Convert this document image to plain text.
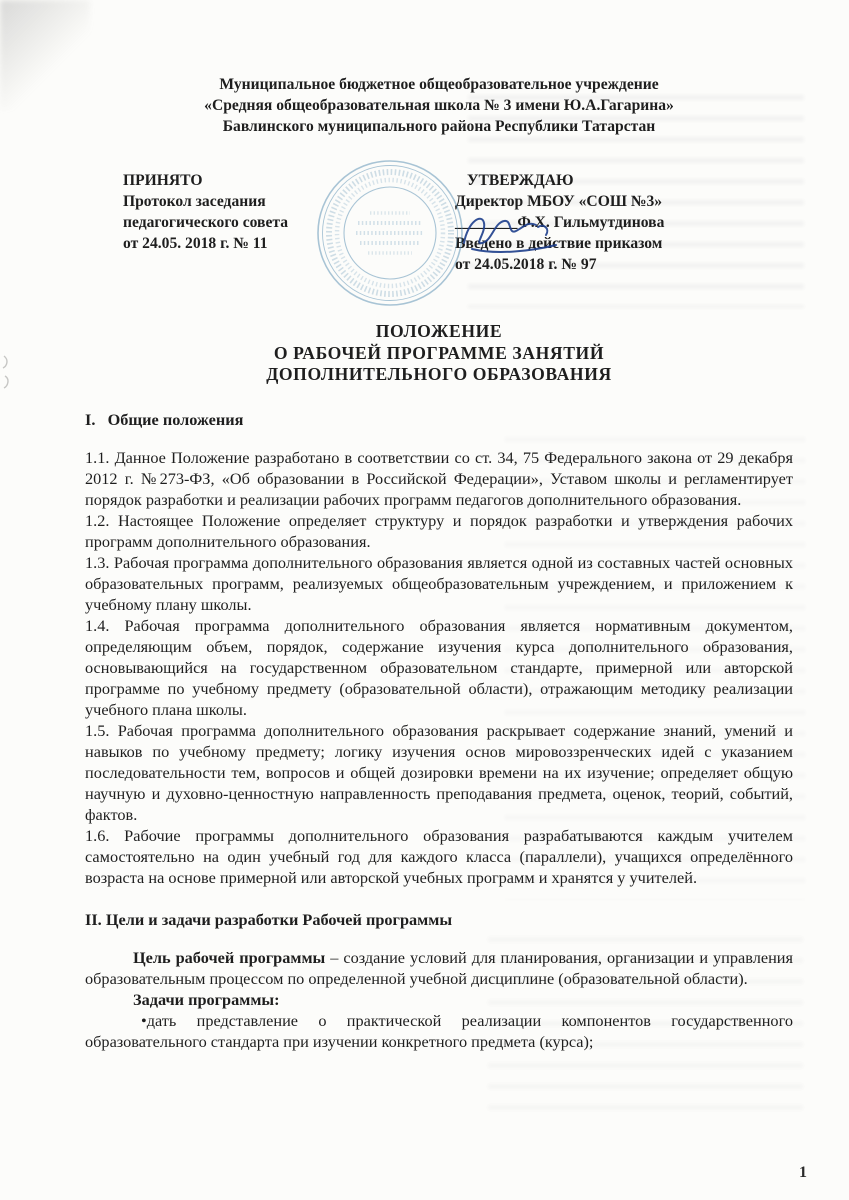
Муниципальное бюджетное общеобразовательное учреждение
«Средняя общеобразовательная школа № 3 имени Ю.А.Гагарина»
Бавлинского муниципального района Республики Татарстан
ПРИНЯТО
Протокол заседания
педагогического совета
от 24.05. 2018 г. № 11
УТВЕРЖДАЮ
Директор МБОУ «СОШ №3»
________Ф.Х. Гильмутдинова
Введено в действие приказом
от 24.05.2018 г. № 97
ПОЛОЖЕНИЕ
О РАБОЧЕЙ ПРОГРАММЕ ЗАНЯТИЙ
ДОПОЛНИТЕЛЬНОГО ОБРАЗОВАНИЯ
I.   Общие положения
1.1. Данное Положение разработано в соответствии со ст. 34, 75 Федерального закона от 29 декабря 2012 г. №273-ФЗ, «Об образовании в Российской Федерации», Уставом школы и регламентирует порядок разработки и реализации рабочих программ педагогов дополнительного образования.
1.2. Настоящее Положение определяет структуру и порядок разработки и утверждения рабочих программ дополнительного образования.
1.3. Рабочая программа дополнительного образования является одной из составных частей основных образовательных программ, реализуемых общеобразовательным учреждением, и приложением к учебному плану школы.
1.4. Рабочая программа дополнительного образования является нормативным документом, определяющим объем, порядок, содержание изучения курса дополнительного образования, основывающийся на государственном образовательном стандарте, примерной или авторской программе по учебному предмету (образовательной области), отражающим методику реализации учебного плана школы.
1.5. Рабочая программа дополнительного образования раскрывает содержание знаний, умений и навыков по учебному предмету; логику изучения основ мировоззренческих идей с указанием последовательности тем, вопросов и общей дозировки времени на их изучение; определяет общую научную и духовно-ценностную направленность преподавания предмета, оценок, теорий, событий, фактов.
1.6. Рабочие программы дополнительного образования разрабатываются каждым учителем самостоятельно на один учебный год для каждого класса (параллели), учащихся определённого возраста на основе примерной или авторской учебных программ и хранятся у учителей.
II. Цели и задачи разработки Рабочей программы
Цель рабочей программы – создание условий для планирования, организации и управления образовательным процессом по определенной учебной дисциплине (образовательной области).
Задачи программы:
•дать представление о практической реализации компонентов государственного образовательного стандарта при изучении конкретного предмета (курса);
1
